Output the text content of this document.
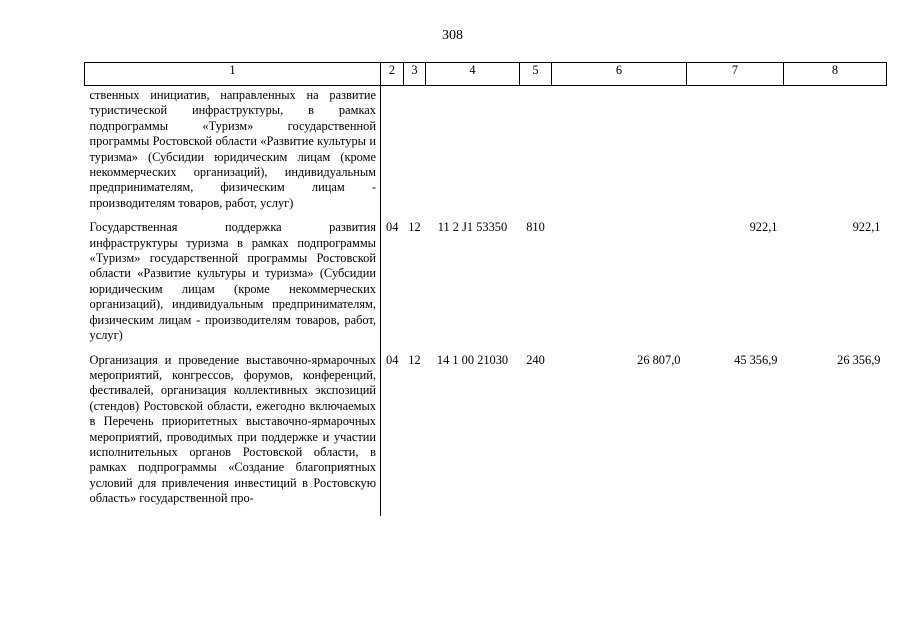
308
1	2	3	4	5	6	7	8
ственных инициатив, направленных на развитие туристической инфраструктуры, в рамках подпрограммы «Туризм» государственной программы Ростовской области «Развитие культуры и туризма» (Субсидии юридическим лицам (кроме некоммерческих организаций), индивидуальным предпринимателям, физическим лицам - производителям товаров, работ, услуг)							
Государственная поддержка развития инфраструктуры туризма в рамках подпрограммы «Туризм» государственной программы Ростовской области «Развитие культуры и туризма» (Субсидии юридическим лицам (кроме некоммерческих организаций), индивидуальным предпринимателям, физическим лицам - производителям товаров, работ, услуг)	04	12	11 2 J1 53350	810		922,1	922,1
Организация и проведение выставочно-ярмарочных мероприятий, конгрессов, форумов, конференций, фестивалей, организация коллективных экспозиций (стендов) Ростовской области, ежегодно включаемых в Перечень приоритетных выставочно-ярмарочных мероприятий, проводимых при поддержке и участии исполнительных органов Ростовской области, в рамках подпрограммы «Создание благоприятных условий для привлечения инвестиций в Ростовскую область» государственной про-	04	12	14 1 00 21030	240	26 807,0	45 356,9	26 356,9
